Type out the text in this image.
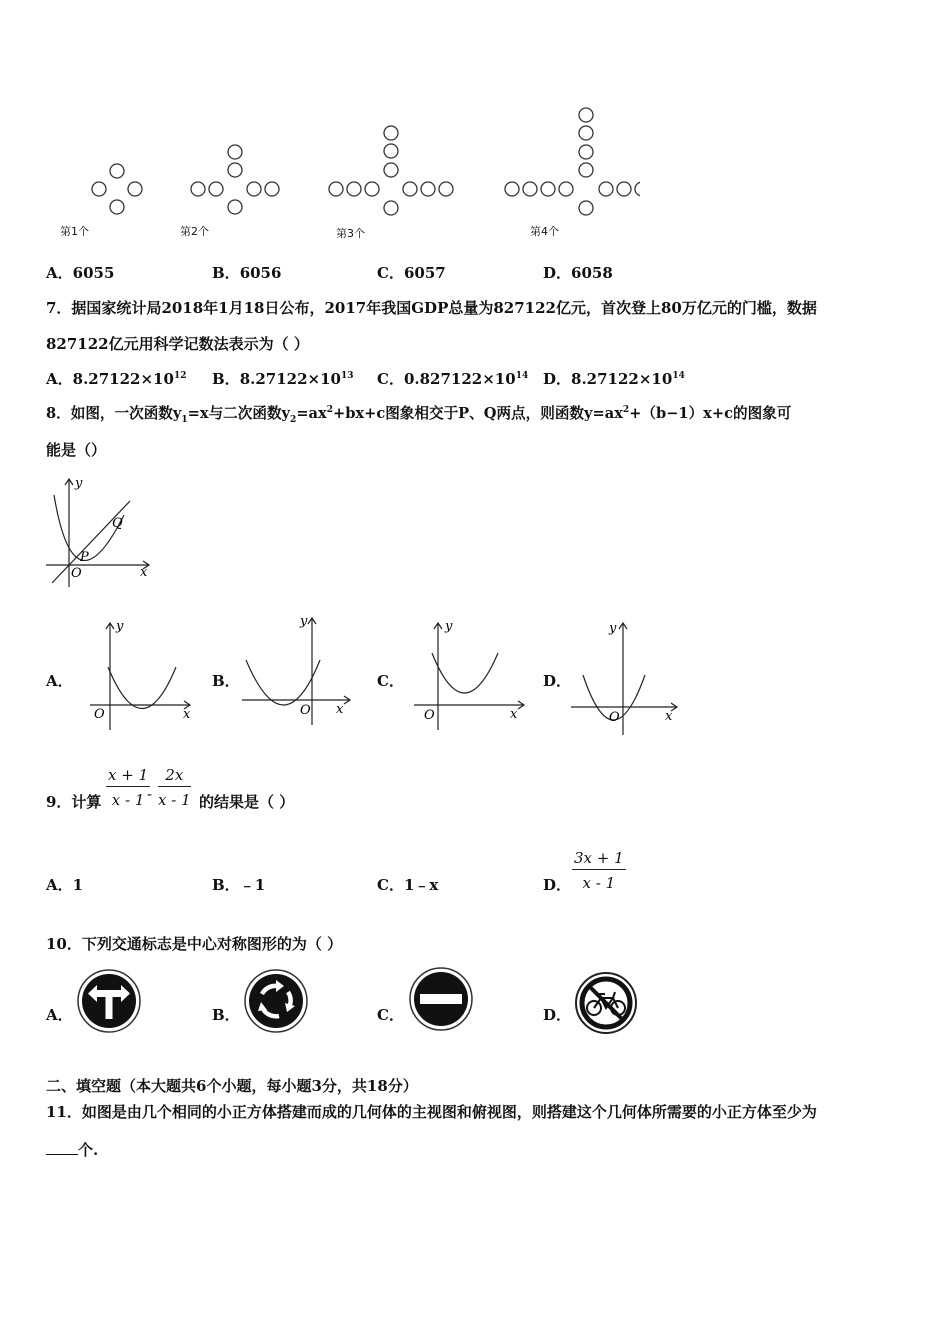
第1个	第2个	第3个	第4个
A．6055	B．6056	C．6057	D．6058
7．据国家统计局2018年1月18日公布，2017年我国GDP总量为827122亿元，首次登上80万亿元的门槛，数据
827122亿元用科学记数法表示为（ ）
A．$8.27122\times 10^{12}$ B．$8.27122\times 10^{13}$ C．$0.827122\times 10^{14}$ D．$8.27122\times 10^{14}$
8．如图，一次函数$y_1=x$与二次函数$y_2=ax^2+bx+c$图象相交于P、Q两点，则函数$y=ax^2+(b-1)x+c$的图象可
能是（）
y
x
O
P
Q
A．
y
x
O
B．
y
x
O
C．
y
x
O
D．
y
x
O
9．计算 $\frac{x + 1}{x - 1}$
- $\frac{2x}{x - 1}$ 的结果是（ ）
A．1	B．﹣1	C．1﹣x	D． $\frac{3x + 1}{x - 1}$
10．下列交通标志是中心对称图形的为（ ）
A．	B．	C．	D．
二、填空题（本大题共6个小题，每小题3分，共18分）
11．如图是由几个相同的小正方体搭建而成的几何体的主视图和俯视图，则搭建这个几何体所需要的小正方体至少为
个.
